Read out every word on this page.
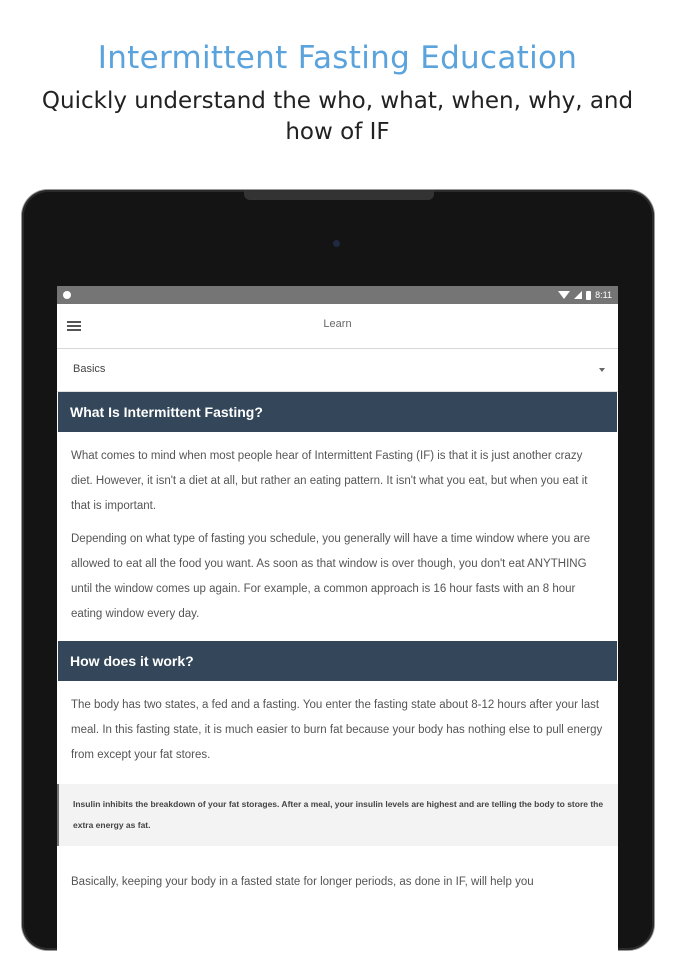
Intermittent Fasting Education
Quickly understand the who, what, when, why, and how of IF
8:11
Learn
Basics
What Is Intermittent Fasting?

What comes to mind when most people hear of Intermittent Fasting (IF) is that it is just another crazy diet. However, it isn't a diet at all, but rather an eating pattern. It isn't what you eat, but when you eat it that is important.

Depending on what type of fasting you schedule, you generally will have a time window where you are allowed to eat all the food you want. As soon as that window is over though, you don't eat ANYTHING until the window comes up again. For example, a common approach is 16 hour fasts with an 8 hour eating window every day.

How does it work?

The body has two states, a fed and a fasting. You enter the fasting state about 8-12 hours after your last meal. In this fasting state, it is much easier to burn fat because your body has nothing else to pull energy from except your fat stores.

Insulin inhibits the breakdown of your fat storages. After a meal, your insulin levels are highest and are telling the body to store the extra energy as fat.

Basically, keeping your body in a fasted state for longer periods, as done in IF, will help you
